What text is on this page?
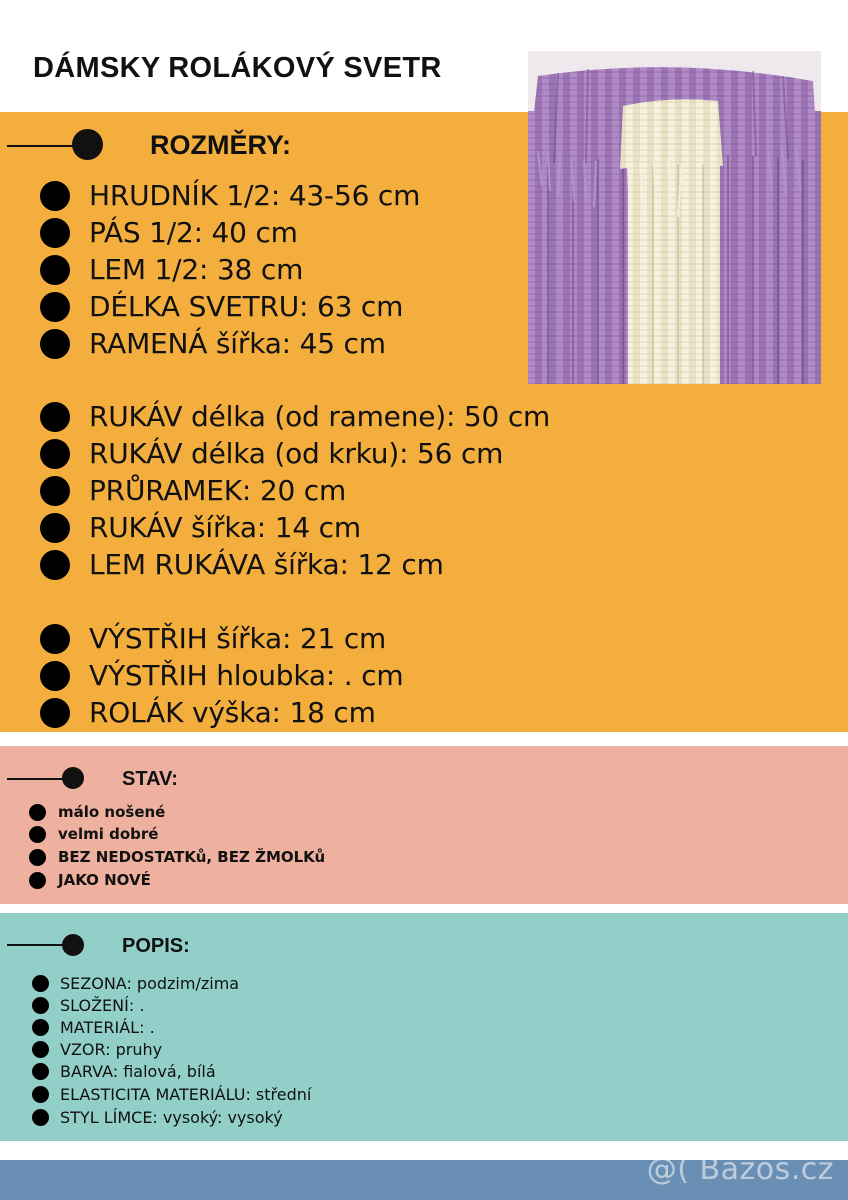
DÁMSKY ROLÁKOVÝ SVETR
ROZMĚRY:
HRUDNÍK 1/2: 43-56 cm
PÁS 1/2: 40 cm
LEM 1/2: 38 cm
DÉLKA SVETRU: 63 cm
RAMENÁ šířka: 45 cm
RUKÁV délka (od ramene): 50 cm
RUKÁV délka (od krku): 56 cm
PRŮRAMEK: 20 cm
RUKÁV šířka: 14 cm
LEM RUKÁVA šířka: 12 cm
VÝSTŘIH šířka: 21 cm
VÝSTŘIH hloubka: . cm
ROLÁK výška: 18 cm
STAV:
málo nošené
velmi dobré
BEZ NEDOSTATKů, BEZ ŽMOLKů
JAKO NOVÉ
POPIS:
SEZONA: podzim/zima
SLOŽENÍ: .
MATERIÁL: .
VZOR: pruhy
BARVA: fialová, bílá
ELASTICITA MATERIÁLU: střední
STYL LÍMCE: vysoký: vysoký
@( Bazos.cz
